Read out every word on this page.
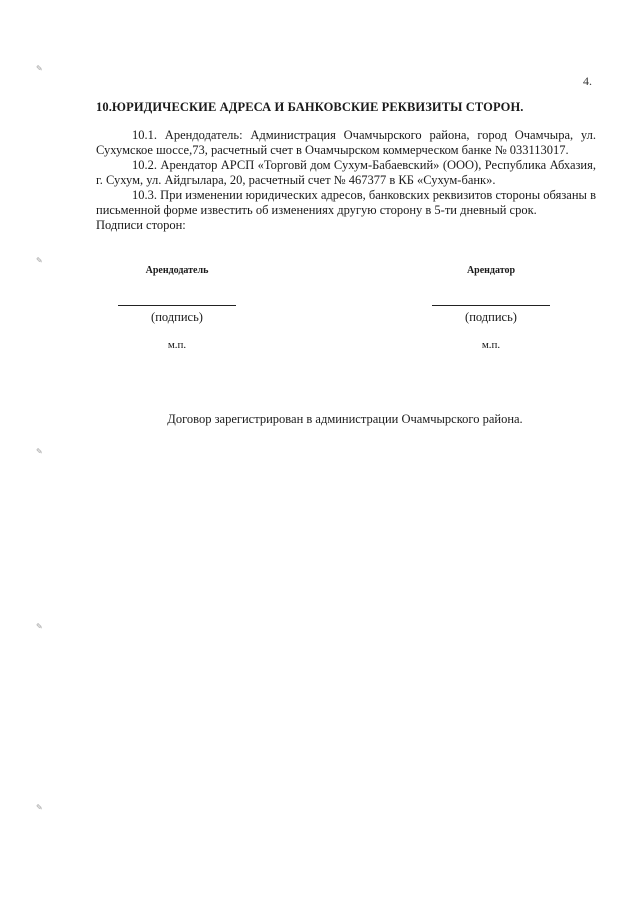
4.
10.ЮРИДИЧЕСКИЕ АДРЕСА И БАНКОВСКИЕ РЕКВИЗИТЫ СТОРОН.

10.1. Арендодатель: Администрация Очамчырского района, город Очамчыра, ул. Сухумское шоссе,73, расчетный счет в Очамчырском коммерческом банке № 033113017.

10.2. Арендатор АРСП «Торговй дом Сухум-Бабаевский» (ООО), Республика Абхазия, г. Сухум, ул. Айдгылара, 20, расчетный счет № 467377 в КБ «Сухум-банк».

10.3. При изменении юридических адресов, банковских реквизитов стороны обязаны в письменной форме известить об изменениях другую сторону в 5-ти дневный срок.

Подписи сторон:

Арендодатель
(подпись)
м.п.
Арендатор
(подпись)
м.п.
Договор зарегистрирован в администрации Очамчырского района.
✎
✎
✎
✎
✎
